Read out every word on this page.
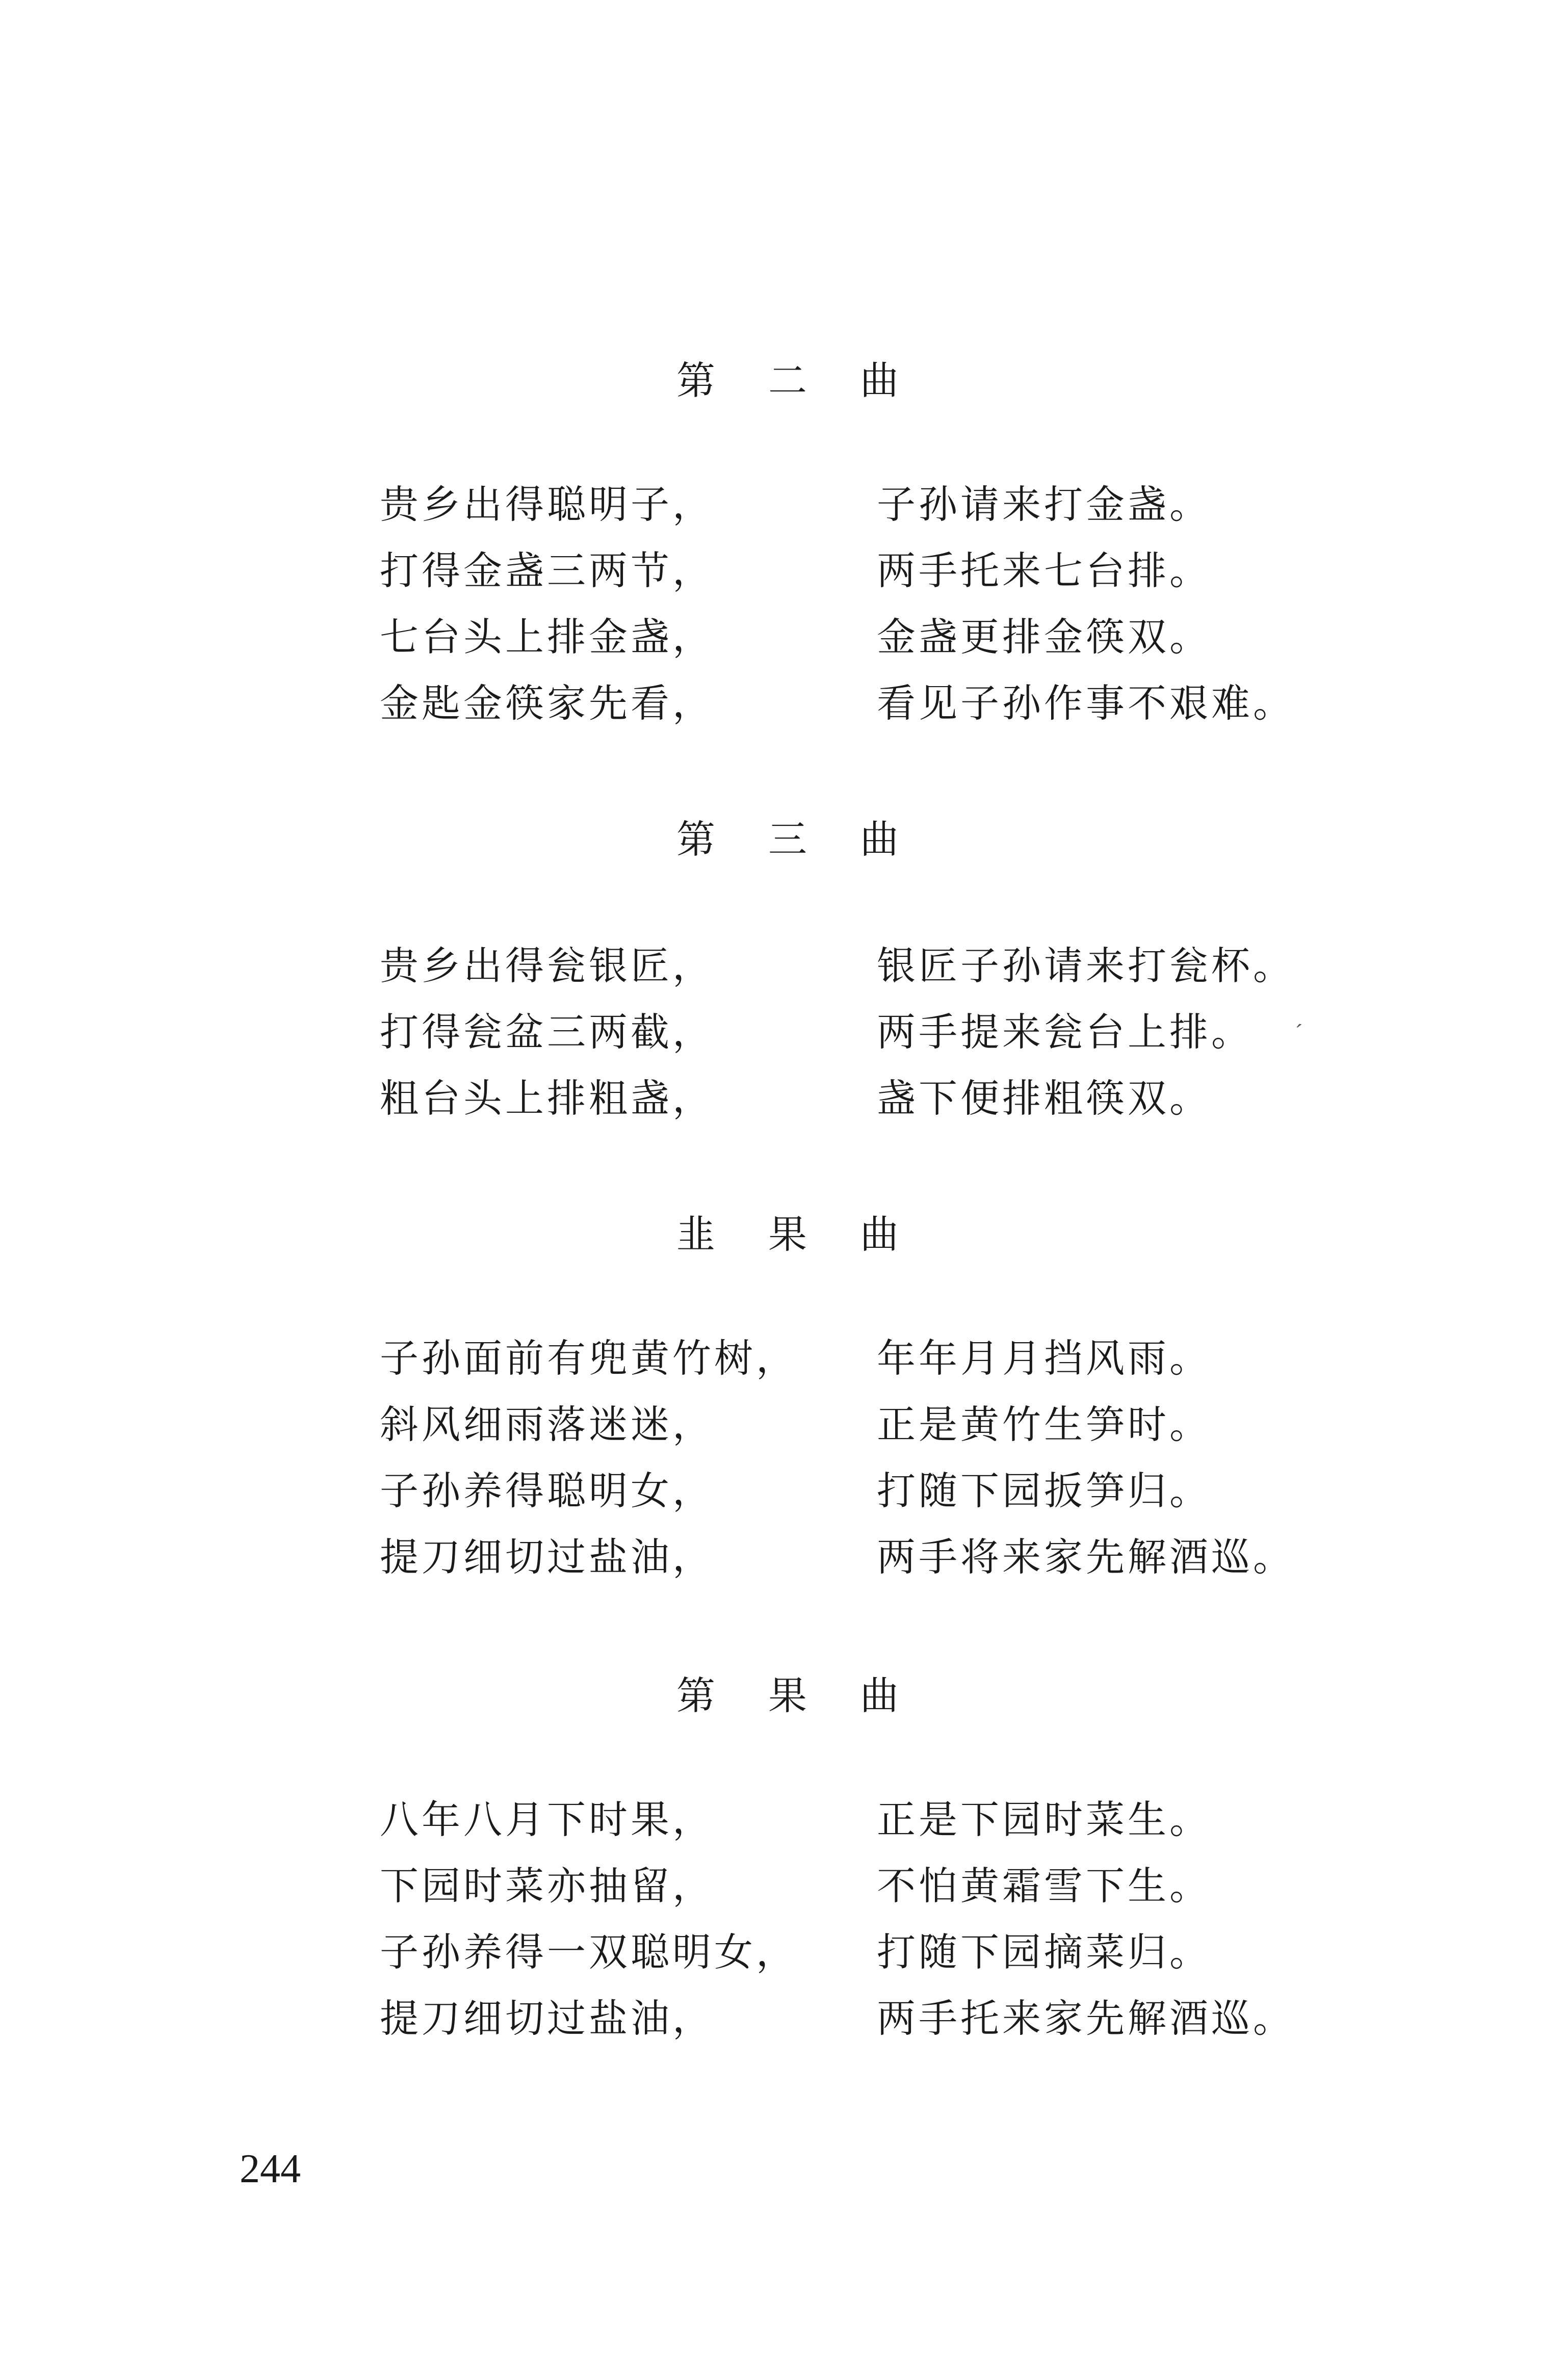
第 二 曲
贵乡出得聪明子，	子孙请来打金盏。
打得金盏三两节，	两手托来七台排。
七台头上排金盏，	金盏更排金筷双。
金匙金筷家先看，	看见子孙作事不艰难。
第 三 曲
贵乡出得瓮银匠，	银匠子孙请来打瓮杯。
打得瓮盆三两截，	两手提来瓮台上排。
粗台头上排粗盏，	盏下便排粗筷双。
韭 果 曲
子孙面前有兜黄竹树， 年年月月挡风雨。
斜风细雨落迷迷，	正是黄竹生笋时。
子孙养得聪明女，	打随下园扳笋归。
提刀细切过盐油，	两手将来家先解酒巡。
第 果 曲
八年八月下时果，	正是下园时菜生。
下园时菜亦抽留，	不怕黄霜雪下生。
子孙养得一双聪明女， 打随下园摘菜归。
提刀细切过盐油，	两手托来家先解酒巡。
′
244
